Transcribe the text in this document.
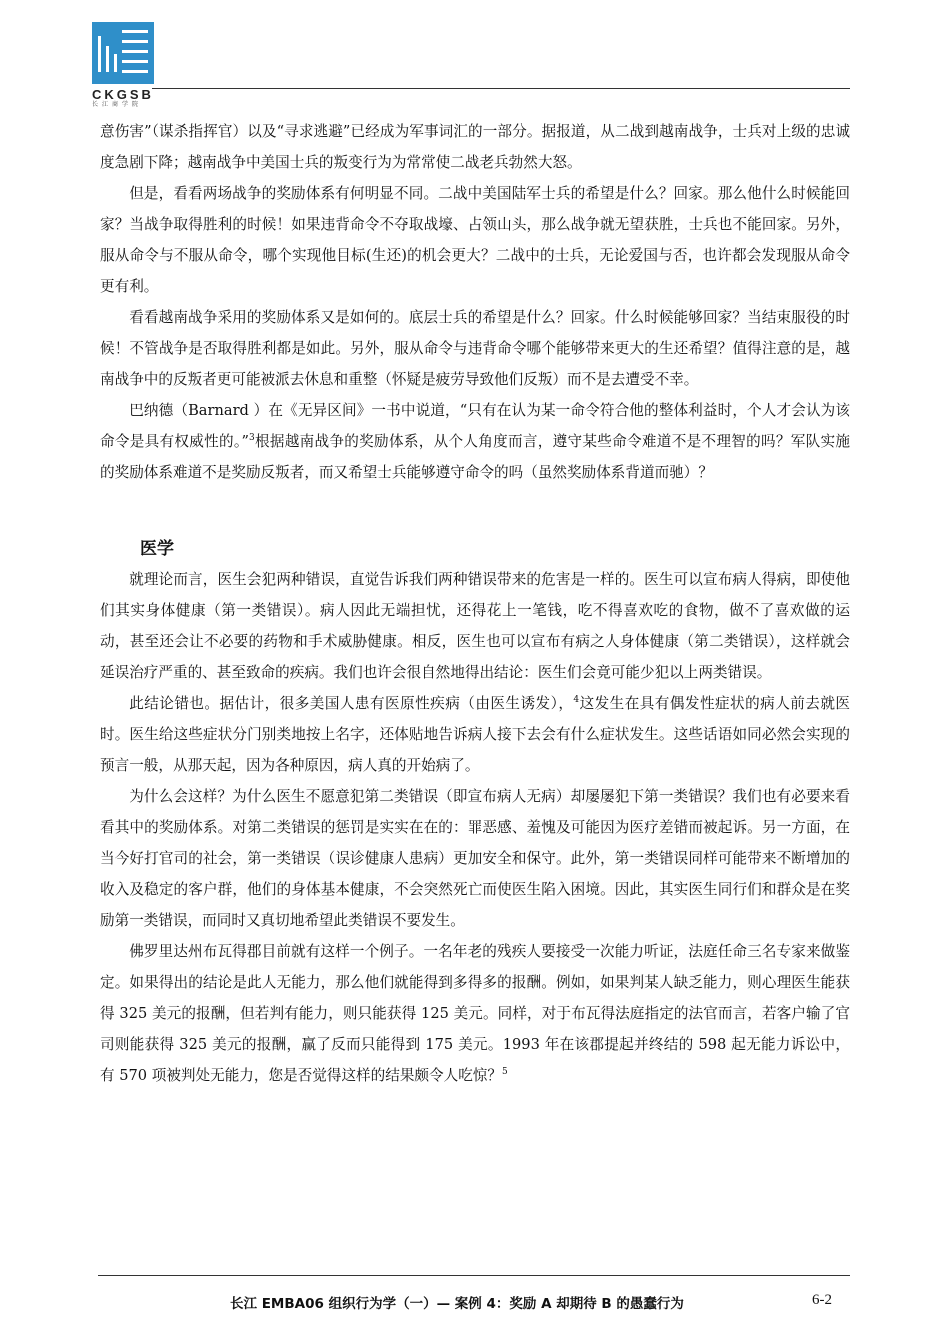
CKGSB
长江商学院

意伤害”（谋杀指挥官）以及“寻求逃避”已经成为军事词汇的一部分。据报道，从二战到越南战争，士兵对上级的忠诚度急剧下降；越南战争中美国士兵的叛变行为为常常使二战老兵勃然大怒。

但是，看看两场战争的奖励体系有何明显不同。二战中美国陆军士兵的希望是什么？回家。那么他什么时候能回家？当战争取得胜利的时候！如果违背命令不夺取战壕、占领山头，那么战争就无望获胜，士兵也不能回家。另外，服从命令与不服从命令，哪个实现他目标(生还)的机会更大？二战中的士兵，无论爱国与否，也许都会发现服从命令更有利。

看看越南战争采用的奖励体系又是如何的。底层士兵的希望是什么？回家。什么时候能够回家？当结束服役的时候！不管战争是否取得胜利都是如此。另外，服从命令与违背命令哪个能够带来更大的生还希望？值得注意的是，越南战争中的反叛者更可能被派去休息和重整（怀疑是疲劳导致他们反叛）而不是去遭受不幸。

巴纳德（Barnard ）在《无异区间》一书中说道，“只有在认为某一命令符合他的整体利益时，个人才会认为该命令是具有权威性的。”$^3$根据越南战争的奖励体系，从个人角度而言，遵守某些命令难道不是不理智的吗？军队实施的奖励体系难道不是奖励反叛者，而又希望士兵能够遵守命令的吗（虽然奖励体系背道而驰）？

医学

就理论而言，医生会犯两种错误，直觉告诉我们两种错误带来的危害是一样的。医生可以宣布病人得病，即使他们其实身体健康（第一类错误）。病人因此无端担忧，还得花上一笔钱，吃不得喜欢吃的食物，做不了喜欢做的运动，甚至还会让不必要的药物和手术威胁健康。相反，医生也可以宣布有病之人身体健康（第二类错误），这样就会延误治疗严重的、甚至致命的疾病。我们也许会很自然地得出结论：医生们会竟可能少犯以上两类错误。

此结论错也。据估计，很多美国人患有医原性疾病（由医生诱发），$^4$这发生在具有偶发性症状的病人前去就医时。医生给这些症状分门别类地按上名字，还体贴地告诉病人接下去会有什么症状发生。这些话语如同必然会实现的预言一般，从那天起，因为各种原因，病人真的开始病了。

为什么会这样？为什么医生不愿意犯第二类错误（即宣布病人无病）却屡屡犯下第一类错误？我们也有必要来看看其中的奖励体系。对第二类错误的惩罚是实实在在的：罪恶感、羞愧及可能因为医疗差错而被起诉。另一方面，在当今好打官司的社会，第一类错误（误诊健康人患病）更加安全和保守。此外，第一类错误同样可能带来不断增加的收入及稳定的客户群，他们的身体基本健康，不会突然死亡而使医生陷入困境。因此，其实医生同行们和群众是在奖励第一类错误，而同时又真切地希望此类错误不要发生。

佛罗里达州布瓦得郡目前就有这样一个例子。一名年老的残疾人要接受一次能力听证，法庭任命三名专家来做鉴定。如果得出的结论是此人无能力，那么他们就能得到多得多的报酬。例如，如果判某人缺乏能力，则心理医生能获得 325 美元的报酬，但若判有能力，则只能获得 125 美元。同样，对于布瓦得法庭指定的法官而言，若客户输了官司则能获得 325 美元的报酬，赢了反而只能得到 175 美元。1993 年在该郡提起并终结的 598 起无能力诉讼中，有 570 项被判处无能力，您是否觉得这样的结果颇令人吃惊？$^5$

长江 EMBA06 组织行为学（一）— 案例 4：奖励 A 却期待 B 的愚蠢行为	6-2
